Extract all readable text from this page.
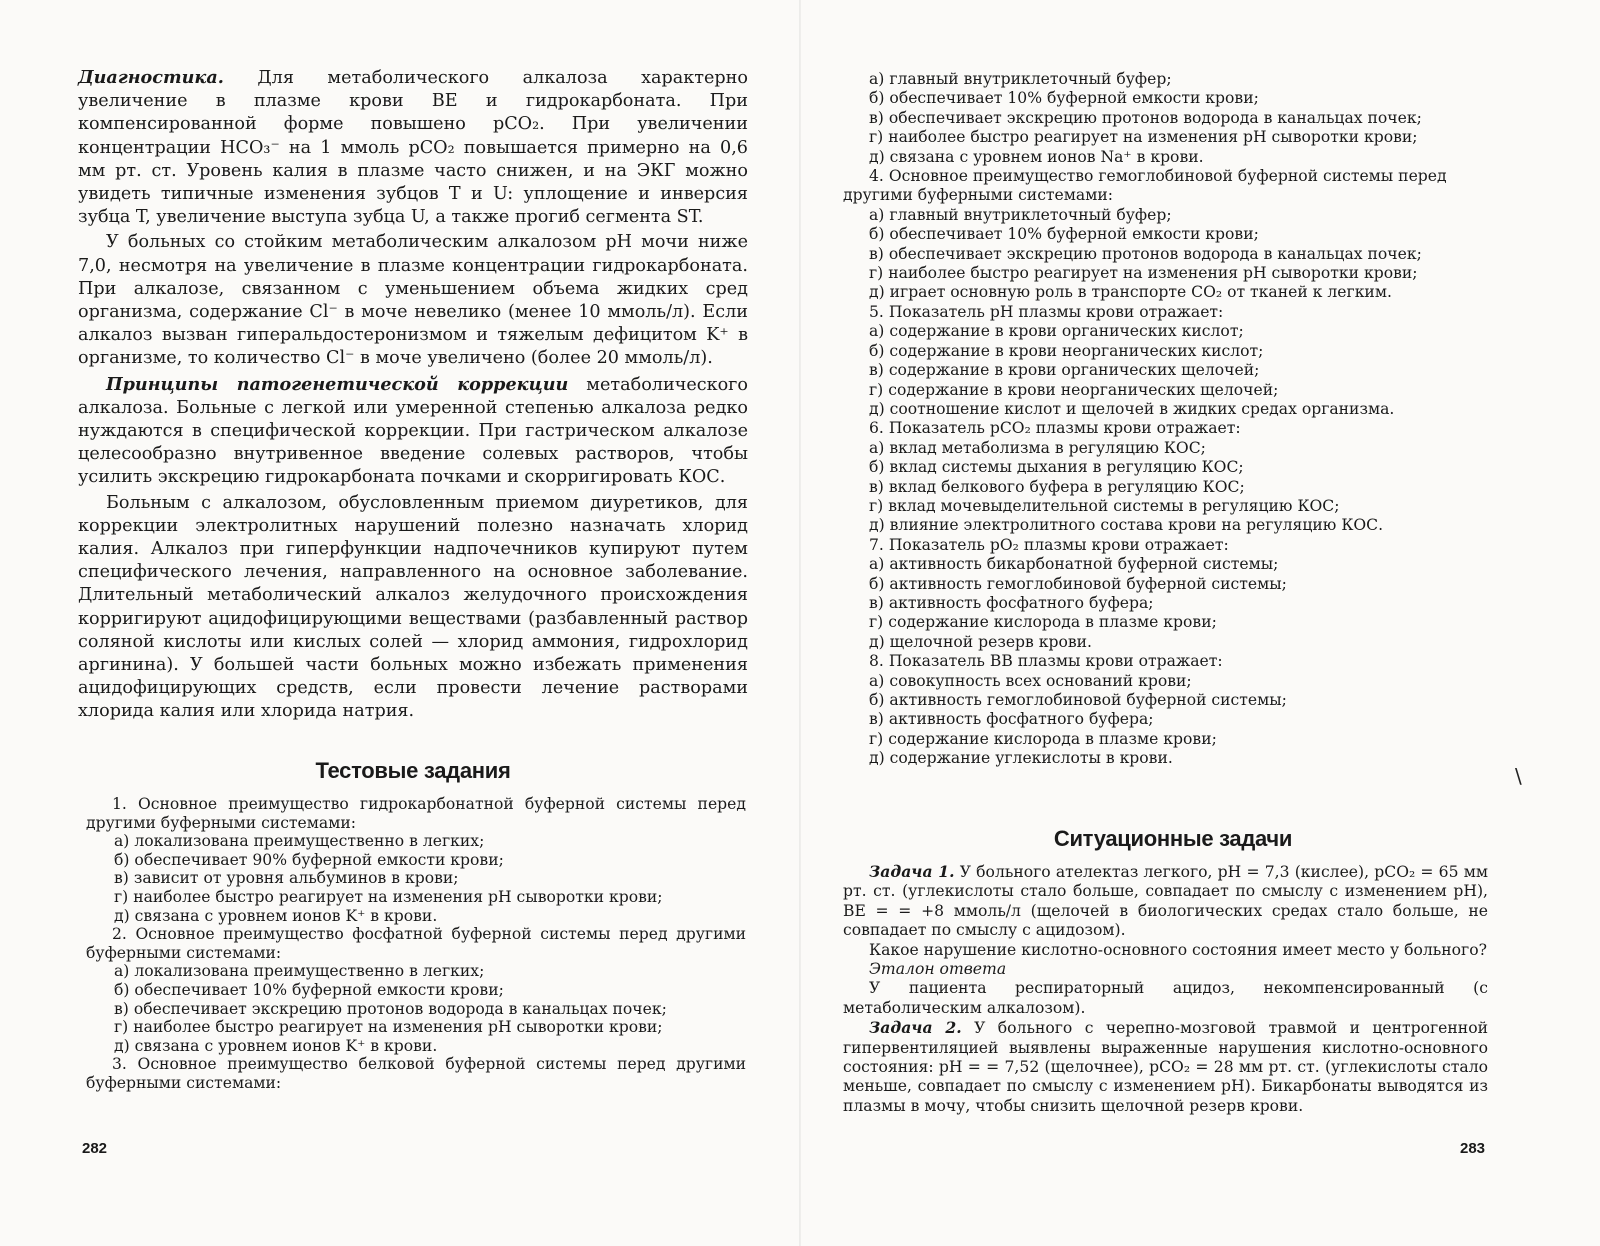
Диагностика. Для метаболического алкалоза характерно увеличение в плазме крови BE и гидрокарбоната. При компенсированной форме повышено pCO₂. При увеличении концентрации HCO₃⁻ на 1 ммоль pCO₂ повышается примерно на 0,6 мм рт. ст. Уровень калия в плазме часто снижен, и на ЭКГ можно увидеть типичные изменения зубцов T и U: уплощение и инверсия зубца T, увеличение выступа зубца U, а также прогиб сегмента ST.

У больных со стойким метаболическим алкалозом pH мочи ниже 7,0, несмотря на увеличение в плазме концентрации гидрокарбоната. При алкалозе, связанном с уменьшением объема жидких сред организма, содержание Cl⁻ в моче невелико (менее 10 ммоль/л). Если алкалоз вызван гиперальдостеронизмом и тяжелым дефицитом K⁺ в организме, то количество Cl⁻ в моче увеличено (более 20 ммоль/л).

Принципы патогенетической коррекции метаболического алкалоза. Больные с легкой или умеренной степенью алкалоза редко нуждаются в специфической коррекции. При гастрическом алкалозе целесообразно внутривенное введение солевых растворов, чтобы усилить экскрецию гидрокарбоната почками и скорригировать КОС.

Больным с алкалозом, обусловленным приемом диуретиков, для коррекции электролитных нарушений полезно назначать хлорид калия. Алкалоз при гиперфункции надпочечников купируют путем специфического лечения, направленного на основное заболевание. Длительный метаболический алкалоз желудочного происхождения корригируют ацидофицирующими веществами (разбавленный раствор соляной кислоты или кислых солей — хлорид аммония, гидрохлорид аргинина). У большей части больных можно избежать применения ацидофицирующих средств, если провести лечение растворами хлорида калия или хлорида натрия.

Тестовые задания

1. Основное преимущество гидрокарбонатной буферной системы перед другими буферными системами:

а) локализована преимущественно в легких;

б) обеспечивает 90% буферной емкости крови;

в) зависит от уровня альбуминов в крови;

г) наиболее быстро реагирует на изменения pH сыворотки крови;

д) связана с уровнем ионов K⁺ в крови.

2. Основное преимущество фосфатной буферной системы перед другими буферными системами:

а) локализована преимущественно в легких;

б) обеспечивает 10% буферной емкости крови;

в) обеспечивает экскрецию протонов водорода в канальцах почек;

г) наиболее быстро реагирует на изменения pH сыворотки крови;

д) связана с уровнем ионов K⁺ в крови.

3. Основное преимущество белковой буферной системы перед другими буферными системами:

282

а) главный внутриклеточный буфер;

б) обеспечивает 10% буферной емкости крови;

в) обеспечивает экскрецию протонов водорода в канальцах почек;

г) наиболее быстро реагирует на изменения pH сыворотки крови;

д) связана с уровнем ионов Na⁺ в крови.

4. Основное преимущество гемоглобиновой буферной системы перед другими буферными системами:

а) главный внутриклеточный буфер;

б) обеспечивает 10% буферной емкости крови;

в) обеспечивает экскрецию протонов водорода в канальцах почек;

г) наиболее быстро реагирует на изменения pH сыворотки крови;

д) играет основную роль в транспорте CO₂ от тканей к легким.

5. Показатель pH плазмы крови отражает:

а) содержание в крови органических кислот;

б) содержание в крови неорганических кислот;

в) содержание в крови органических щелочей;

г) содержание в крови неорганических щелочей;

д) соотношение кислот и щелочей в жидких средах организма.

6. Показатель pCO₂ плазмы крови отражает:

а) вклад метаболизма в регуляцию КОС;

б) вклад системы дыхания в регуляцию КОС;

в) вклад белкового буфера в регуляцию КОС;

г) вклад мочевыделительной системы в регуляцию КОС;

д) влияние электролитного состава крови на регуляцию КОС.

7. Показатель pO₂ плазмы крови отражает:

а) активность бикарбонатной буферной системы;

б) активность гемоглобиновой буферной системы;

в) активность фосфатного буфера;

г) содержание кислорода в плазме крови;

д) щелочной резерв крови.

8. Показатель BB плазмы крови отражает:

а) совокупность всех оснований крови;

б) активность гемоглобиновой буферной системы;

в) активность фосфатного буфера;

г) содержание кислорода в плазме крови;

д) содержание углекислоты в крови.

Ситуационные задачи

Задача 1. У больного ателектаз легкого, pH = 7,3 (кислее), pCO₂ = 65 мм рт. ст. (углекислоты стало больше, совпадает по смыслу с изменением pH), BE = = +8 ммоль/л (щелочей в биологических средах стало больше, не совпадает по смыслу с ацидозом).

Какое нарушение кислотно-основного состояния имеет место у больного?

Эталон ответа

У пациента респираторный ацидоз, некомпенсированный (с метаболическим алкалозом).

Задача 2. У больного с черепно-мозговой травмой и центрогенной гипервентиляцией выявлены выраженные нарушения кислотно-основного состояния: pH = = 7,52 (щелочнее), pCO₂ = 28 мм рт. ст. (углекислоты стало меньше, совпадает по смыслу с изменением pH). Бикарбонаты выводятся из плазмы в мочу, чтобы снизить щелочной резерв крови.

283
\
